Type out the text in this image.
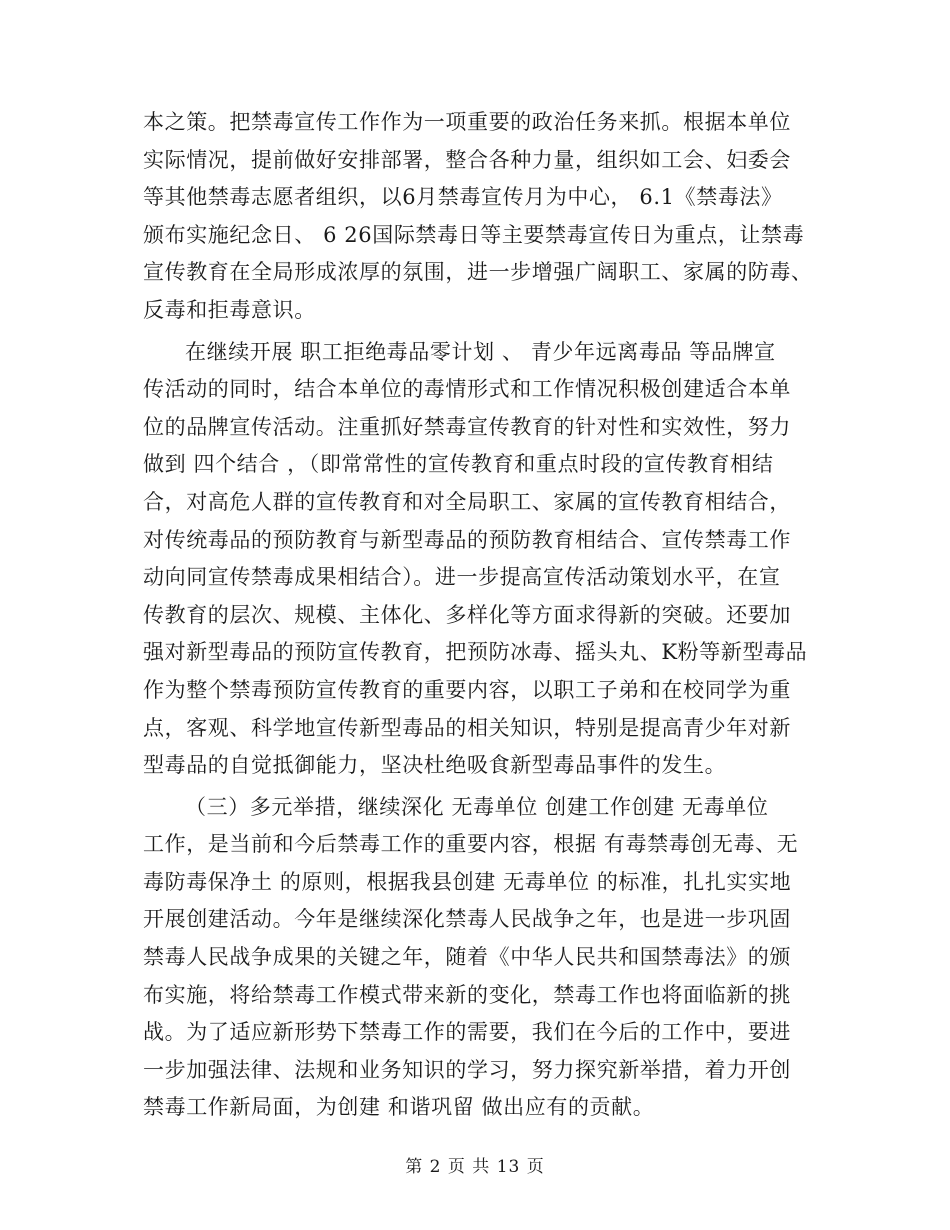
本之策。把禁毒宣传工作作为一项重要的政治任务来抓。根据本单位
实际情况，提前做好安排部署，整合各种力量，组织如工会、妇委会
等其他禁毒志愿者组织，以6月禁毒宣传月为中心， 6.1《禁毒法》
颁布实施纪念日、 6 26国际禁毒日等主要禁毒宣传日为重点，让禁毒
宣传教育在全局形成浓厚的氛围，进一步增强广阔职工、家属的防毒、
反毒和拒毒意识。

在继续开展 职工拒绝毒品零计划 、 青少年远离毒品 等品牌宣
传活动的同时，结合本单位的毒情形式和工作情况积极创建适合本单
位的品牌宣传活动。注重抓好禁毒宣传教育的针对性和实效性，努力
做到 四个结合 ，（即常常性的宣传教育和重点时段的宣传教育相结
合，对高危人群的宣传教育和对全局职工、家属的宣传教育相结合，
对传统毒品的预防教育与新型毒品的预防教育相结合、宣传禁毒工作
动向同宣传禁毒成果相结合）。进一步提高宣传活动策划水平，在宣
传教育的层次、规模、主体化、多样化等方面求得新的突破。还要加
强对新型毒品的预防宣传教育，把预防冰毒、摇头丸、K粉等新型毒品
作为整个禁毒预防宣传教育的重要内容，以职工子弟和在校同学为重
点，客观、科学地宣传新型毒品的相关知识，特别是提高青少年对新
型毒品的自觉抵御能力，坚决杜绝吸食新型毒品事件的发生。

（三）多元举措，继续深化 无毒单位 创建工作创建 无毒单位
工作，是当前和今后禁毒工作的重要内容，根据 有毒禁毒创无毒、无
毒防毒保净土 的原则，根据我县创建 无毒单位 的标准，扎扎实实地
开展创建活动。今年是继续深化禁毒人民战争之年，也是进一步巩固
禁毒人民战争成果的关键之年，随着《中华人民共和国禁毒法》的颁
布实施，将给禁毒工作模式带来新的变化，禁毒工作也将面临新的挑
战。为了适应新形势下禁毒工作的需要，我们在今后的工作中，要进
一步加强法律、法规和业务知识的学习，努力探究新举措，着力开创
禁毒工作新局面，为创建 和谐巩留 做出应有的贡献。

第 2 页 共 13 页
